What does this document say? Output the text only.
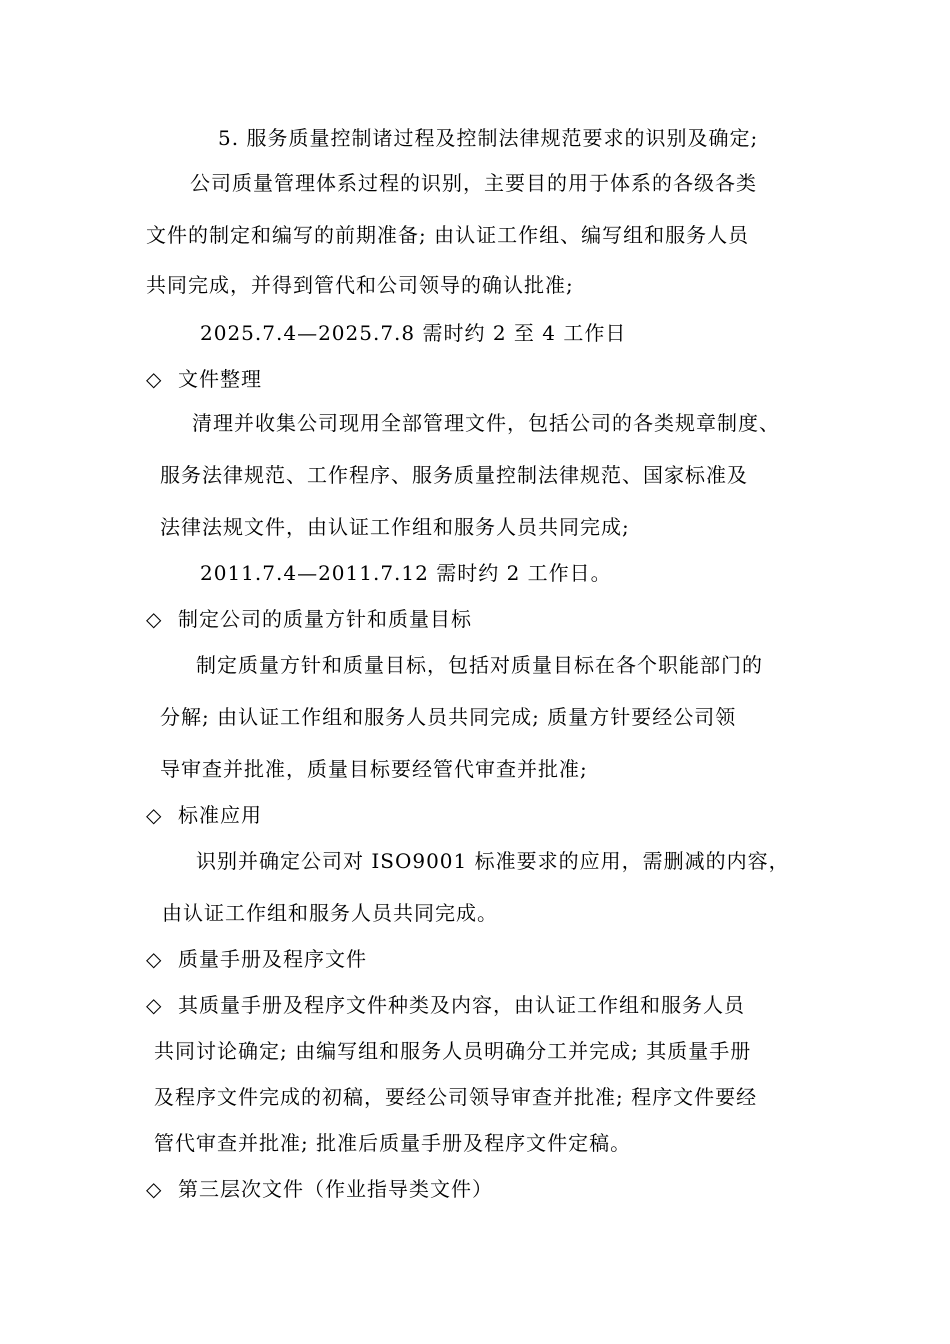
5. 服务质量控制诸过程及控制法律规范要求的识别及确定;
公司质量管理体系过程的识别，主要目的用于体系的各级各类
文件的制定和编写的前期准备; 由认证工作组、编写组和服务人员
共同完成，并得到管代和公司领导的确认批准;
2025.7.4—2025.7.8 需时约 2 至 4 工作日
◇ 文件整理
清理并收集公司现用全部管理文件，包括公司的各类规章制度、
服务法律规范、工作程序、服务质量控制法律规范、国家标准及
法律法规文件，由认证工作组和服务人员共同完成;
2011.7.4—2011.7.12 需时约 2 工作日。
◇ 制定公司的质量方针和质量目标
制定质量方针和质量目标，包括对质量目标在各个职能部门的
分解; 由认证工作组和服务人员共同完成; 质量方针要经公司领
导审查并批准，质量目标要经管代审查并批准;
◇ 标准应用
识别并确定公司对 ISO9001 标准要求的应用，需删减的内容，
由认证工作组和服务人员共同完成。
◇ 质量手册及程序文件
◇ 其质量手册及程序文件种类及内容，由认证工作组和服务人员
共同讨论确定; 由编写组和服务人员明确分工并完成; 其质量手册
及程序文件完成的初稿，要经公司领导审查并批准; 程序文件要经
管代审查并批准; 批准后质量手册及程序文件定稿。
◇ 第三层次文件（作业指导类文件）
